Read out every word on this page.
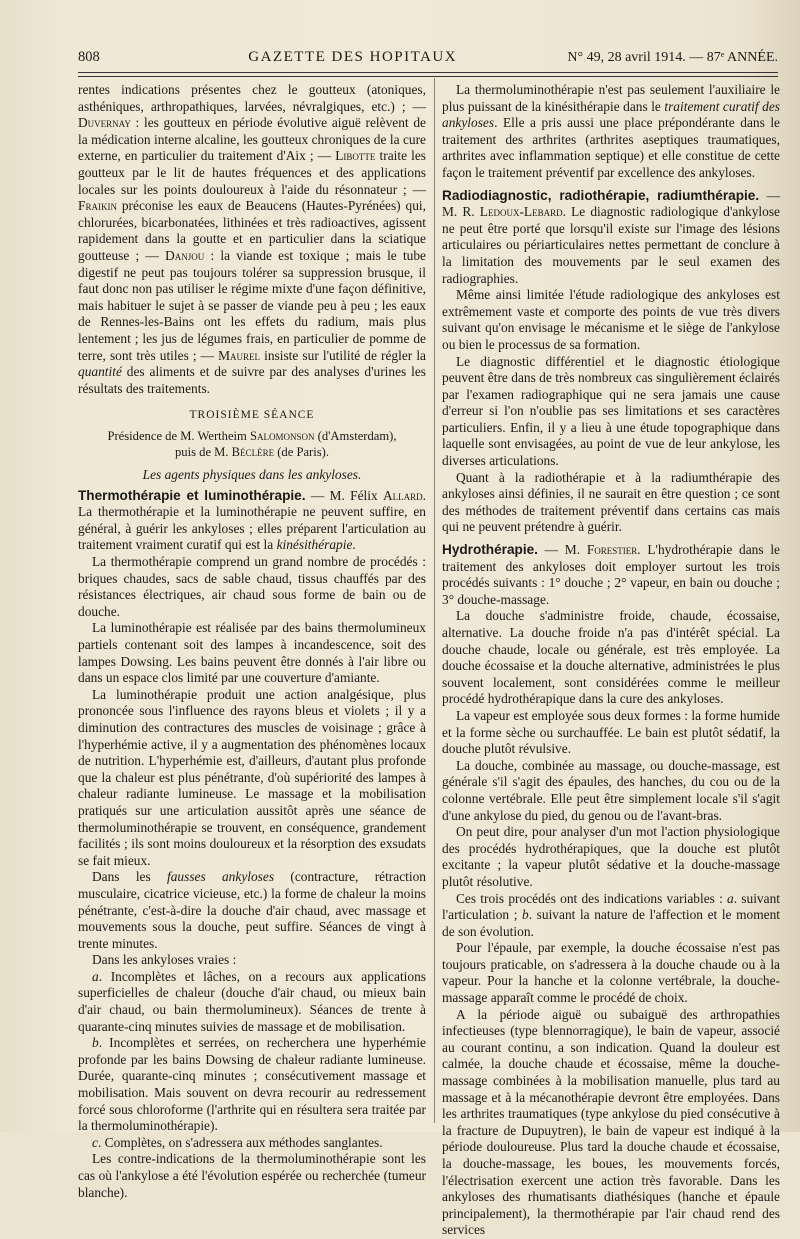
808	GAZETTE DES HOPITAUX	N° 49, 28 avril 1914. — 87ᵉ ANNÉE.

rentes indications présentes chez le goutteux (atoniques, asthéniques, arthropathiques, larvées, névralgiques, etc.) ; — Duvernay : les goutteux en période évolutive aiguë relèvent de la médication interne alcaline, les goutteux chroniques de la cure externe, en particulier du traitement d'Aix ; — Libotte traite les goutteux par le lit de hautes fréquences et des applications locales sur les points douloureux à l'aide du résonnateur ; — Fraikin préconise les eaux de Beaucens (Hautes-Pyrénées) qui, chlorurées, bicarbonatées, lithinées et très radioactives, agissent rapidement dans la goutte et en particulier dans la sciatique goutteuse ; — Danjou : la viande est toxique ; mais le tube digestif ne peut pas toujours tolérer sa suppression brusque, il faut donc non pas utiliser le régime mixte d'une façon définitive, mais habituer le sujet à se passer de viande peu à peu ; les eaux de Rennes-les-Bains ont les effets du radium, mais plus lentement ; les jus de légumes frais, en particulier de pomme de terre, sont très utiles ; — Maurel insiste sur l'utilité de régler la quantité des aliments et de suivre par des analyses d'urines les résultats des traitements.

TROISIÈME SÉANCE

Présidence de M. Wertheim Salomonson (d'Amsterdam),

puis de M. Béclère (de Paris).

Les agents physiques dans les ankyloses.

Thermothérapie et luminothérapie. — M. Félix Allard. La thermothérapie et la luminothérapie ne peuvent suffire, en général, à guérir les ankyloses ; elles préparent l'articulation au traitement vraiment curatif qui est la kinésithérapie.

La thermothérapie comprend un grand nombre de procédés : briques chaudes, sacs de sable chaud, tissus chauffés par des résistances électriques, air chaud sous forme de bain ou de douche.

La luminothérapie est réalisée par des bains thermolumineux partiels contenant soit des lampes à incandescence, soit des lampes Dowsing. Les bains peuvent être donnés à l'air libre ou dans un espace clos limité par une couverture d'amiante.

La luminothérapie produit une action analgésique, plus prononcée sous l'influence des rayons bleus et violets ; il y a diminution des contractures des muscles de voisinage ; grâce à l'hyperhémie active, il y a augmentation des phénomènes locaux de nutrition. L'hyperhémie est, d'ailleurs, d'autant plus profonde que la chaleur est plus pénétrante, d'où supériorité des lampes à chaleur radiante lumineuse. Le massage et la mobilisation pratiqués sur une articulation aussitôt après une séance de thermoluminothérapie se trouvent, en conséquence, grandement facilités ; ils sont moins douloureux et la résorption des exsudats se fait mieux.

Dans les fausses ankyloses (contracture, rétraction musculaire, cicatrice vicieuse, etc.) la forme de chaleur la moins pénétrante, c'est-à-dire la douche d'air chaud, avec massage et mouvements sous la douche, peut suffire. Séances de vingt à trente minutes.

Dans les ankyloses vraies :

a. Incomplètes et lâches, on a recours aux applications superficielles de chaleur (douche d'air chaud, ou mieux bain d'air chaud, ou bain thermolumineux). Séances de trente à quarante-cinq minutes suivies de massage et de mobilisation.

b. Incomplètes et serrées, on recherchera une hyperhémie profonde par les bains Dowsing de chaleur radiante lumineuse. Durée, quarante-cinq minutes ; consécutivement massage et mobilisation. Mais souvent on devra recourir au redressement forcé sous chloroforme (l'arthrite qui en résultera sera traitée par la thermoluminothérapie).

c. Complètes, on s'adressera aux méthodes sanglantes.

Les contre-indications de la thermoluminothérapie sont les cas où l'ankylose a été l'évolution espérée ou recherchée (tumeur blanche).

La thermoluminothérapie n'est pas seulement l'auxiliaire le plus puissant de la kinésithérapie dans le traitement curatif des ankyloses. Elle a pris aussi une place prépondérante dans le traitement des arthrites (arthrites aseptiques traumatiques, arthrites avec inflammation septique) et elle constitue de cette façon le traitement préventif par excellence des ankyloses.

Radiodiagnostic, radiothérapie, radiumthérapie. — M. R. Ledoux-Lebard. Le diagnostic radiologique d'ankylose ne peut être porté que lorsqu'il existe sur l'image des lésions articulaires ou périarticulaires nettes permettant de conclure à la limitation des mouvements par le seul examen des radiographies.

Même ainsi limitée l'étude radiologique des ankyloses est extrêmement vaste et comporte des points de vue très divers suivant qu'on envisage le mécanisme et le siège de l'ankylose ou bien le processus de sa formation.

Le diagnostic différentiel et le diagnostic étiologique peuvent être dans de très nombreux cas singulièrement éclairés par l'examen radiographique qui ne sera jamais une cause d'erreur si l'on n'oublie pas ses limitations et ses caractères particuliers. Enfin, il y a lieu à une étude topographique dans laquelle sont envisagées, au point de vue de leur ankylose, les diverses articulations.

Quant à la radiothérapie et à la radiumthérapie des ankyloses ainsi définies, il ne saurait en être question ; ce sont des méthodes de traitement préventif dans certains cas mais qui ne peuvent prétendre à guérir.

Hydrothérapie. — M. Forestier. L'hydrothérapie dans le traitement des ankyloses doit employer surtout les trois procédés suivants : 1° douche ; 2° vapeur, en bain ou douche ; 3° douche-massage.

La douche s'administre froide, chaude, écossaise, alternative. La douche froide n'a pas d'intérêt spécial. La douche chaude, locale ou générale, est très employée. La douche écossaise et la douche alternative, administrées le plus souvent localement, sont considérées comme le meilleur procédé hydrothérapique dans la cure des ankyloses.

La vapeur est employée sous deux formes : la forme humide et la forme sèche ou surchauffée. Le bain est plutôt sédatif, la douche plutôt révulsive.

La douche, combinée au massage, ou douche-massage, est générale s'il s'agit des épaules, des hanches, du cou ou de la colonne vertébrale. Elle peut être simplement locale s'il s'agit d'une ankylose du pied, du genou ou de l'avant-bras.

On peut dire, pour analyser d'un mot l'action physiologique des procédés hydrothérapiques, que la douche est plutôt excitante ; la vapeur plutôt sédative et la douche-massage plutôt résolutive.

Ces trois procédés ont des indications variables : a. suivant l'articulation ; b. suivant la nature de l'affection et le moment de son évolution.

Pour l'épaule, par exemple, la douche écossaise n'est pas toujours praticable, on s'adressera à la douche chaude ou à la vapeur. Pour la hanche et la colonne vertébrale, la douche-massage apparaît comme le procédé de choix.

A la période aiguë ou subaiguë des arthropathies infectieuses (type blennorragique), le bain de vapeur, associé au courant continu, a son indication. Quand la douleur est calmée, la douche chaude et écossaise, même la douche-massage combinées à la mobilisation manuelle, plus tard au massage et à la mécanothérapie devront être employées. Dans les arthrites traumatiques (type ankylose du pied consécutive à la fracture de Dupuytren), le bain de vapeur est indiqué à la période douloureuse. Plus tard la douche chaude et écossaise, la douche-massage, les boues, les mouvements forcés, l'électrisation exercent une action très favorable. Dans les ankyloses des rhumatisants diathésiques (hanche et épaule principalement), la thermothérapie par l'air chaud rend des services
